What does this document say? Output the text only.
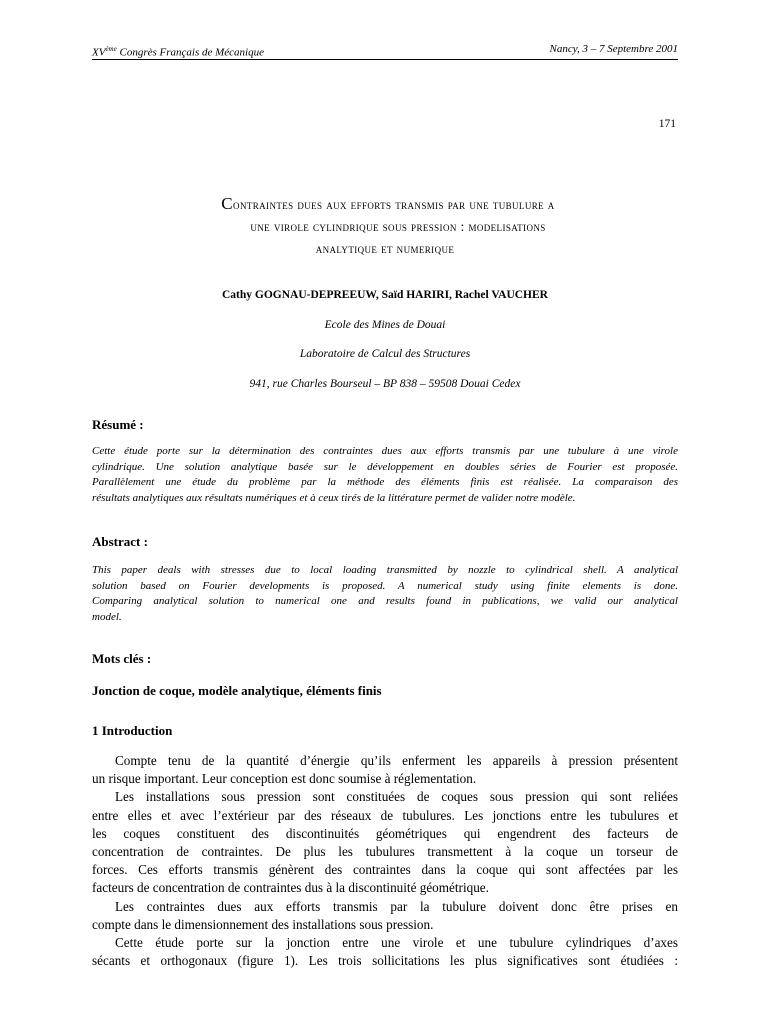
XVème Congrès Français de Mécanique	Nancy, 3 – 7 Septembre 2001
171
Contraintes dues aux efforts transmis par une tubulure a
une virole cylindrique sous pression : modelisations
analytique et numerique
Cathy GOGNAU-DEPREEUW, Saïd HARIRI, Rachel VAUCHER
Ecole des Mines de Douai
Laboratoire de Calcul des Structures
941, rue Charles Bourseul – BP 838 – 59508 Douai Cedex
Résumé :
Cette étude porte sur la détermination des contraintes dues aux efforts transmis par une tubulure à une virole
cylindrique. Une solution analytique basée sur le développement en doubles séries de Fourier est proposée.
Parallèlement une étude du problème par la méthode des éléments finis est réalisée. La comparaison des
résultats analytiques aux résultats numériques et à ceux tirés de la littérature permet de valider notre modèle.
Abstract :
This paper deals with stresses due to local loading transmitted by nozzle to cylindrical shell. A analytical
solution based on Fourier developments is proposed. A numerical study using finite elements is done.
Comparing analytical solution to numerical one and results found in publications, we valid our analytical
model.
Mots clés :
Jonction de coque, modèle analytique, éléments finis
1 Introduction
Compte tenu de la quantité d’énergie qu’ils enferment les appareils à pression présentent
un risque important. Leur conception est donc soumise à réglementation.
Les installations sous pression sont constituées de coques sous pression qui sont reliées
entre elles et avec l’extérieur par des réseaux de tubulures. Les jonctions entre les tubulures et
les coques constituent des discontinuités géométriques qui engendrent des facteurs de
concentration de contraintes. De plus les tubulures transmettent à la coque un torseur de
forces. Ces efforts transmis génèrent des contraintes dans la coque qui sont affectées par les
facteurs de concentration de contraintes dus à la discontinuité géométrique.
Les contraintes dues aux efforts transmis par la tubulure doivent donc être prises en
compte dans le dimensionnement des installations sous pression.
Cette étude porte sur la jonction entre une virole et une tubulure cylindriques d’axes
sécants et orthogonaux (figure 1). Les trois sollicitations les plus significatives sont étudiées :
